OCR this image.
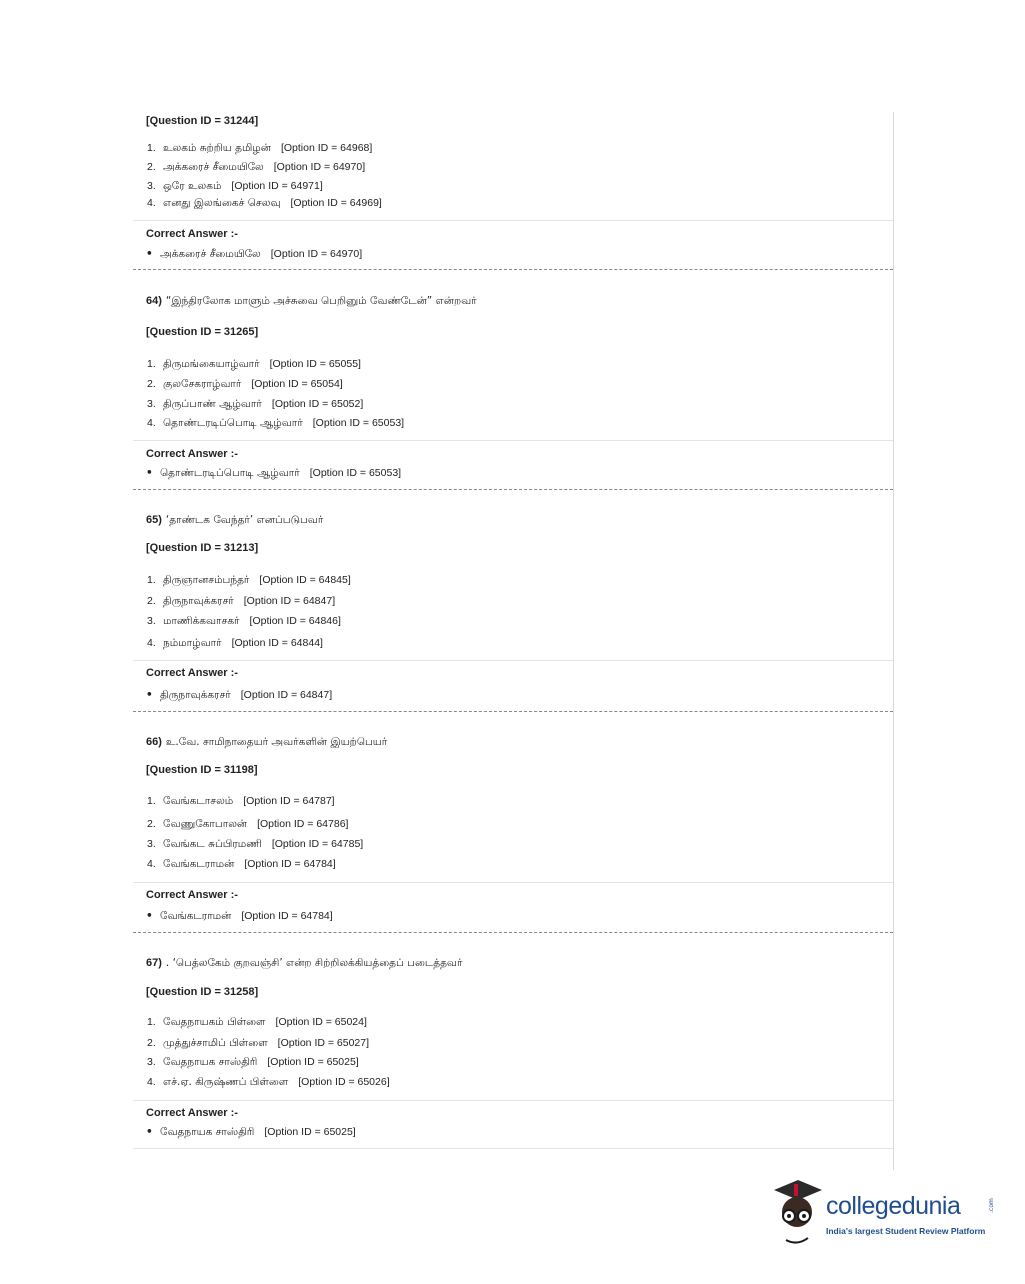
[Question ID = 31244]
1. உலகம் சுற்றிய தமிழன் [Option ID = 64968]
2. அக்கரைச் சீமையிலே [Option ID = 64970]
3. ஒரே உலகம் [Option ID = 64971]
4. எனது இலங்கைச் செலவு [Option ID = 64969]
Correct Answer :-
• அக்கரைச் சீமையிலே [Option ID = 64970]
64) “இந்திரலோக மாளும் அச்சுவை பெறினும் வேண்டேன்” என்றவர்
[Question ID = 31265]
1. திருமங்கையாழ்வார் [Option ID = 65055]
2. குலசேகராழ்வார் [Option ID = 65054]
3. திருப்பாண் ஆழ்வார் [Option ID = 65052]
4. தொண்டரடிப்பொடி ஆழ்வார் [Option ID = 65053]
Correct Answer :-
• தொண்டரடிப்பொடி ஆழ்வார் [Option ID = 65053]
65) ‘தாண்டக வேந்தர்’ எனப்படுபவர்
[Question ID = 31213]
1. திருஞானசம்பந்தர் [Option ID = 64845]
2. திருநாவுக்கரசர் [Option ID = 64847]
3. மாணிக்கவாசகர் [Option ID = 64846]
4. நம்மாழ்வார் [Option ID = 64844]
Correct Answer :-
• திருநாவுக்கரசர் [Option ID = 64847]
66) உ.வே. சாமிநாதையர் அவர்களின் இயற்பெயர்
[Question ID = 31198]
1. வேங்கடாசலம் [Option ID = 64787]
2. வேணுகோபாலன் [Option ID = 64786]
3. வேங்கட சுப்பிரமணி [Option ID = 64785]
4. வேங்கடராமன் [Option ID = 64784]
Correct Answer :-
• வேங்கடராமன் [Option ID = 64784]
67) . ‘பெத்லகேம் குறவஞ்சி’ என்ற சிற்றிலக்கியத்தைப் படைத்தவர்
[Question ID = 31258]
1. வேதநாயகம் பிள்ளை [Option ID = 65024]
2. முத்துச்சாமிப் பிள்ளை [Option ID = 65027]
3. வேதநாயக சாஸ்திரி [Option ID = 65025]
4. எச்.ஏ. கிருஷ்ணப் பிள்ளை [Option ID = 65026]
Correct Answer :-
• வேதநாயக சாஸ்திரி [Option ID = 65025]
collegedunia	.com
India's largest Student Review Platform
